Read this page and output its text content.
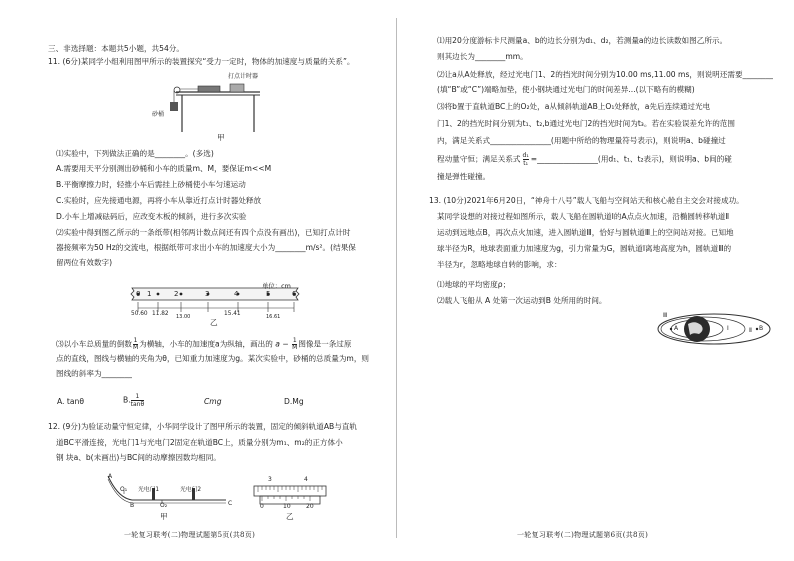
三、非选择题：本题共5小题，共54分。
11. (6分)某同学小组利用图甲所示的装置探究“受力一定时，物体的加速度与质量的关系”。
打点计时器
砂桶
甲
⑴实验中，下列做法正确的是________。(多选)
A.需要用天平分别测出砂桶和小车的质量m、M，要保证m<<M
B.平衡摩擦力时，轻推小车后需挂上砂桶使小车匀速运动
C.实验时，应先接通电源，再将小车从靠近打点计时器处释放
D.小车上增减砝码后，应改变木板的倾斜，进行多次实验
⑵实验中得到图乙所示的一条纸带(相邻两计数点间还有四个点没有画出)，已知打点计时
器接频率为50 Hz的交流电，根据纸带可求出小车的加速度大小为________m/s²。(结果保
留两位有效数字)
单位：cm
0 1	2	3	4	5	6
50.60 11.82 13.00	15.41	16.61
乙
⑶以小车总质量的倒数 $\frac{1}{M}$ 为横轴，小车的加速度a为纵轴，画出的 $a - \frac{1}{M}$ 图像是一条过原
点的直线，图线与横轴的夹角为θ，已知重力加速度为g。某次实验中，砂桶的总质量为m，则
图线的斜率为________
A. tanθ	B. $\frac{1}{\tan\theta}$	Cmg	D.Mg
12. (9分)为验证动量守恒定律，小华同学设计了图甲所示的装置，固定的倾斜轨道AB与直轨
道BC平滑连接，光电门1与光电门2固定在轨道BC上，质量分别为m₁、m₂的正方体小
钢 块a、b(未画出)与BC间的动摩擦因数均相同。
A
O₁
B
光电门1
O₂
光电门2
C
甲
3	4
0	10	20
乙
一轮复习联考(二)物理试题第5页(共8页)
⑴用20分度游标卡尺测量a、b的边长分别为d₁、d₂，若测量a的边长读数如图乙所示。
则其边长为________mm。
⑵让a从A处释放，经过光电门1、2的挡光时间分别为10.00 ms,11.00 ms，则说明还需要________
(填“B”或“C”)端略加垫，使小钢块通过光电门的时间差异...(以下略有的模糊)
⑶将b置于直轨道BC上的O₂处，a从倾斜轨道AB上O₁处释放，a先后连续通过光电
门1、2的挡光时间分别为t₁、t₂,b通过光电门2的挡光时间为t₃。若在实验误差允许的范围
内，满足关系式________________(用题中所给的物理量符号表示)，则说明a、b碰撞过
程动量守恒；满足关系式 $\frac{\text{d₁}}{\text{t₁}}$ =________________(用d₁、t₁、t₂表示)，则说明a、b间的碰
撞是弹性碰撞。
13. (10分)2021年6月20日，“神舟十八号”载人飞船与空间站天和核心舱自主交会对接成功。
某同学设想的对接过程如图所示，载人飞船在圆轨道Ⅰ的A点点火加速，沿椭圆转移轨道Ⅱ
运动到远地点B，再次点火加速，进入圆轨道Ⅲ，恰好与圆轨道Ⅲ上的空间站对接。已知地
球半径为R，地球表面重力加速度为g，引力常量为G，圆轨道Ⅰ离地高度为h，圆轨道Ⅲ的
半径为r，忽略地球自转的影响，求：
⑴地球的平均密度ρ；
⑵载人飞船从 A 处第一次运动到B 处所用的时间。
Ⅲ
A	Ⅰ	B
Ⅱ
一轮复习联考(二)物理试题第6页(共8页)
